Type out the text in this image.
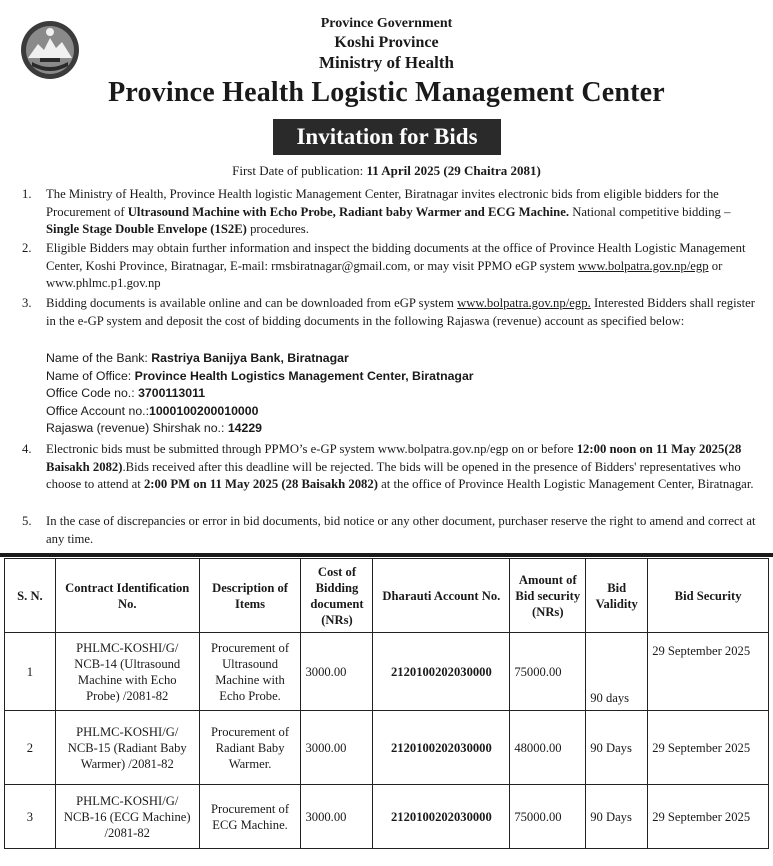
Province Government
Koshi Province
Ministry of Health
Province Health Logistic Management Center
Invitation for Bids
First Date of publication: 11 April 2025 (29 Chaitra 2081)
1. The Ministry of Health, Province Health logistic Management Center, Biratnagar invites electronic bids from eligible bidders for the Procurement of Ultrasound Machine with Echo Probe, Radiant baby Warmer and ECG Machine. National competitive bidding – Single Stage Double Envelope (1S2E) procedures.
2. Eligible Bidders may obtain further information and inspect the bidding documents at the office of Province Health Logistic Management Center, Koshi Province, Biratnagar, E-mail: rmsbiratnagar@gmail.com, or may visit PPMO eGP system www.bolpatra.gov.np/egp or www.phlmc.p1.gov.np
3. Bidding documents is available online and can be downloaded from eGP system www.bolpatra.gov.np/egp. Interested Bidders shall register in the e-GP system and deposit the cost of bidding documents in the following Rajaswa (revenue) account as specified below:
Name of the Bank: Rastriya Banijya Bank, Biratnagar
Name of Office: Province Health Logistics Management Center, Biratnagar
Office Code no.: 3700113011
Office Account no.:1000100200010000
Rajaswa (revenue) Shirshak no.: 14229
4. Electronic bids must be submitted through PPMO’s e-GP system www.bolpatra.gov.np/egp on or before 12:00 noon on 11 May 2025(28 Baisakh 2082).Bids received after this deadline will be rejected. The bids will be opened in the presence of Bidders' representatives who choose to attend at 2:00 PM on 11 May 2025 (28 Baisakh 2082) at the office of Province Health Logistic Management Center, Biratnagar.
5. In the case of discrepancies or error in bid documents, bid notice or any other document, purchaser reserve the right to amend and correct at any time.
S. N.	Contract Identification No.	Description of Items	Cost of Bidding document (NRs)	Dharauti Account No.	Amount of Bid security (NRs)	Bid Validity	Bid Security
1	PHLMC-KOSHI/G/ NCB-14 (Ultrasound Machine with Echo Probe) /2081-82	Procurement of Ultrasound Machine with Echo Probe.	3000.00	2120100202030000	75000.00	90 days	29 September 2025
2	PHLMC-KOSHI/G/ NCB-15 (Radiant Baby Warmer) /2081-82	Procurement of Radiant Baby Warmer.	3000.00	2120100202030000	48000.00	90 Days	29 September 2025
3	PHLMC-KOSHI/G/ NCB-16 (ECG Machine) /2081-82	Procurement of ECG Machine.	3000.00	2120100202030000	75000.00	90 Days	29 September 2025
